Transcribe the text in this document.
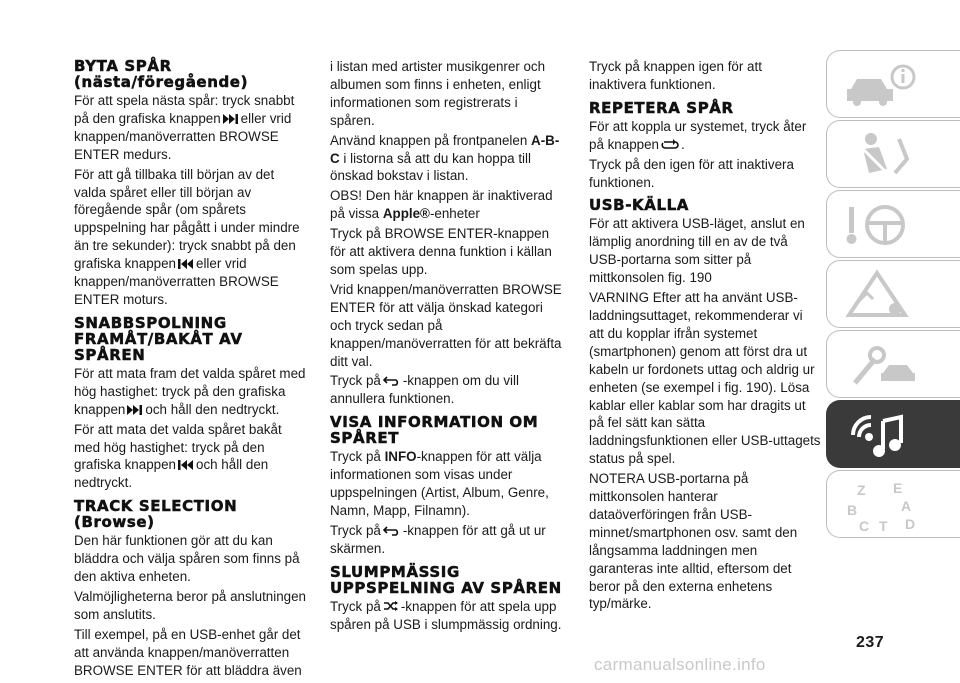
BYTA SPÅR (nästa/föregående)

För att spela nästa spår: tryck snabbt på den grafiska knappen eller vrid knappen/manöverratten BROWSE ENTER medurs.

För att gå tillbaka till början av det valda spåret eller till början av föregående spår (om spårets uppspelning har pågått i under mindre än tre sekunder): tryck snabbt på den grafiska knappen eller vrid knappen/manöverratten BROWSE ENTER moturs.

SNABBSPOLNING FRAMÅT/BAKÅT AV SPÅREN

För att mata fram det valda spåret med hög hastighet: tryck på den grafiska knappen och håll den nedtryckt.

För att mata det valda spåret bakåt med hög hastighet: tryck på den grafiska knappen och håll den nedtryckt.

TRACK SELECTION (Browse)

Den här funktionen gör att du kan bläddra och välja spåren som finns på den aktiva enheten.

Valmöjligheterna beror på anslutningen som anslutits.

Till exempel, på en USB-enhet går det att använda knappen/manöverratten BROWSE ENTER för att bläddra även

i listan med artister musikgenrer och albumen som finns i enheten, enligt informationen som registrerats i spåren.

Använd knappen på frontpanelen A-B-C i listorna så att du kan hoppa till önskad bokstav i listan.

OBS! Den här knappen är inaktiverad på vissa Apple®-enheter

Tryck på BROWSE ENTER-knappen för att aktivera denna funktion i källan som spelas upp.

Vrid knappen/manöverratten BROWSE ENTER för att välja önskad kategori och tryck sedan på knappen/manöverratten för att bekräfta ditt val.

Tryck på -knappen om du vill annullera funktionen.

VISA INFORMATION OM SPÅRET

Tryck på INFO-knappen för att välja informationen som visas under uppspelningen (Artist, Album, Genre, Namn, Mapp, Filnamn).

Tryck på -knappen för att gå ut ur skärmen.

SLUMPMÄSSIG UPPSPELNING AV SPÅREN

Tryck på -knappen för att spela upp spåren på USB i slumpmässig ordning.

Tryck på knappen igen för att inaktivera funktionen.

REPETERA SPÅR

För att koppla ur systemet, tryck åter på knappen .

Tryck på den igen för att inaktivera funktionen.

USB-KÄLLA

För att aktivera USB-läget, anslut en lämplig anordning till en av de två USB-portarna som sitter på mittkonsolen fig. 190

VARNING Efter att ha använt USB-laddningsuttaget, rekommenderar vi att du kopplar ifrån systemet (smartphonen) genom att först dra ut kabeln ur fordonets uttag och aldrig ur enheten (se exempel i fig. 190). Lösa kablar eller kablar som har dragits ut på fel sätt kan sätta laddningsfunktionen eller USB-uttagets status på spel.

NOTERA USB-portarna på mittkonsolen hanterar dataöverföringen från USB-minnet/smartphonen osv. samt den långsamma laddningen men garanteras inte alltid, eftersom det beror på den externa enhetens typ/märke.

Z E
B	A
C T D
237
carmanualsonline.info
